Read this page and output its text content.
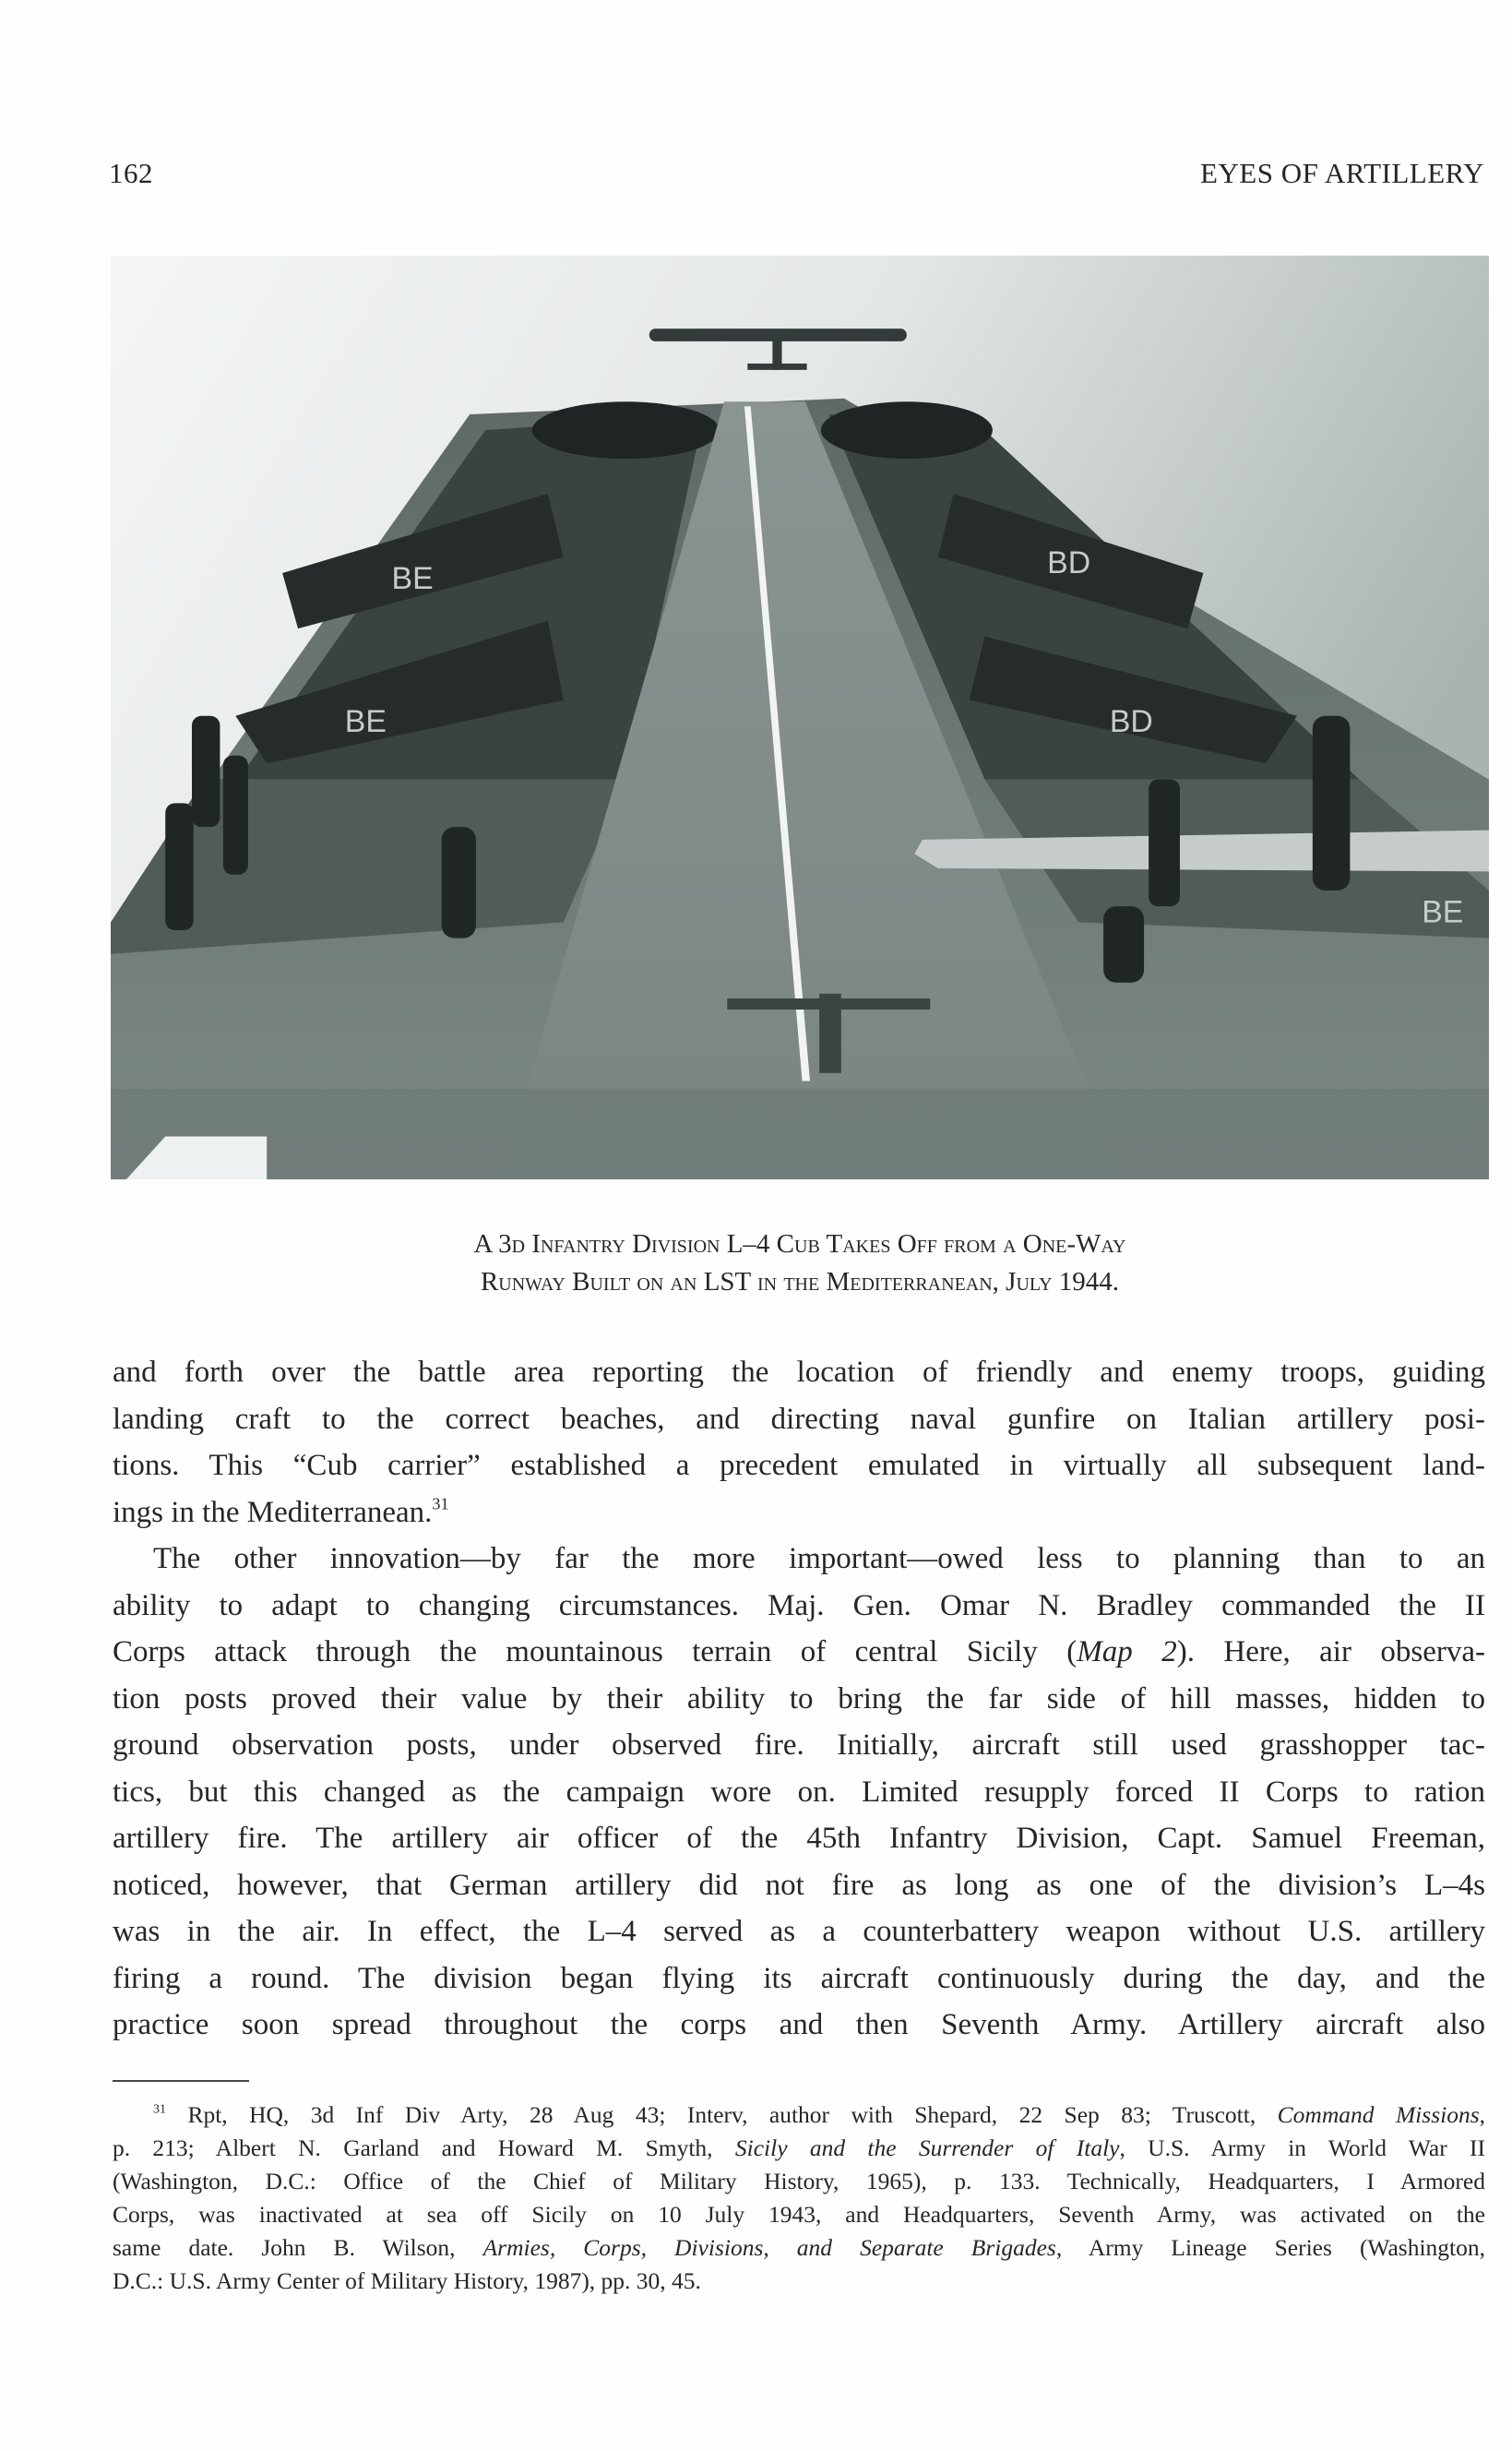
162	EYES OF ARTILLERY
BE
BE
BD
BD
BE
A 3d Infantry Division L–4 Cub Takes Off from a One-Way
Runway Built on an LST in the Mediterranean, July 1944.
and forth over the battle area reporting the location of friendly and enemy troops, guiding
landing craft to the correct beaches, and directing naval gunfire on Italian artillery posi-
tions. This “Cub carrier” established a precedent emulated in virtually all subsequent land-
ings in the Mediterranean.$^{31}$
The other innovation—by far the more important—owed less to planning than to an
ability to adapt to changing circumstances. Maj. Gen. Omar N. Bradley commanded the II
Corps attack through the mountainous terrain of central Sicily (Map 2). Here, air observa-
tion posts proved their value by their ability to bring the far side of hill masses, hidden to
ground observation posts, under observed fire. Initially, aircraft still used grasshopper tac-
tics, but this changed as the campaign wore on. Limited resupply forced II Corps to ration
artillery fire. The artillery air officer of the 45th Infantry Division, Capt. Samuel Freeman,
noticed, however, that German artillery did not fire as long as one of the division’s L–4s
was in the air. In effect, the L–4 served as a counterbattery weapon without U.S. artillery
firing a round. The division began flying its aircraft continuously during the day, and the
practice soon spread throughout the corps and then Seventh Army. Artillery aircraft also
$^{31}$ Rpt, HQ, 3d Inf Div Arty, 28 Aug 43; Interv, author with Shepard, 22 Sep 83; Truscott, Command Missions,
p. 213; Albert N. Garland and Howard M. Smyth, Sicily and the Surrender of Italy, U.S. Army in World War II
(Washington, D.C.: Office of the Chief of Military History, 1965), p. 133. Technically, Headquarters, I Armored
Corps, was inactivated at sea off Sicily on 10 July 1943, and Headquarters, Seventh Army, was activated on the
same date. John B. Wilson, Armies, Corps, Divisions, and Separate Brigades, Army Lineage Series (Washington,
D.C.: U.S. Army Center of Military History, 1987), pp. 30, 45.
